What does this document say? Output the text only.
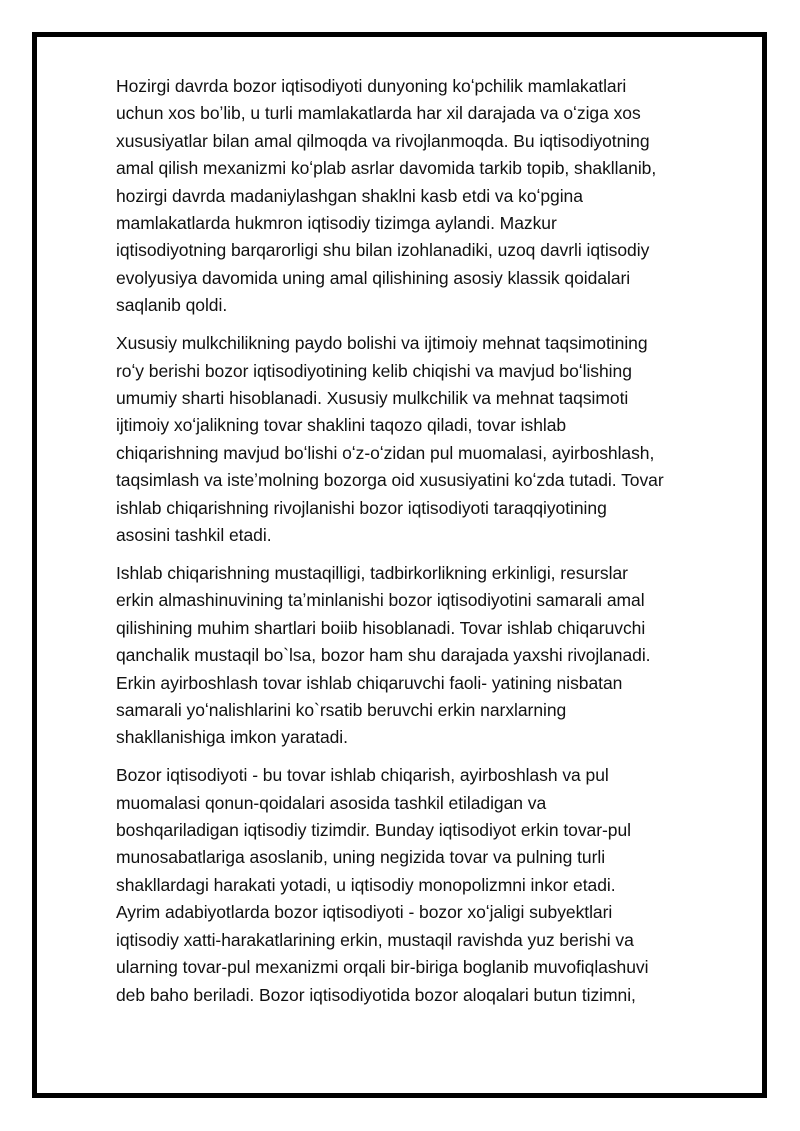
Hozirgi davrda bozor iqtisodiyoti dunyoning koʻpchilik mamlakatlari
uchun xos boʼlib, u turli mamlakatlarda har xil darajada va oʻziga xos
xususiyatlar bilan amal qilmoqda va rivojlanmoqda. Bu iqtisodiyotning
amal qilish mexanizmi koʻplab asrlar davomida tarkib topib, shakllanib,
hozirgi davrda madaniylashgan shaklni kasb etdi va koʻpgina
mamlakatlarda hukmron iqtisodiy tizimga aylandi. Mazkur
iqtisodiyotning barqarorligi shu bilan izohlanadiki, uzoq davrli iqtisodiy
evolyusiya davomida uning amal qilishining asosiy klassik qoidalari
saqlanib qoldi.

Xususiy mulkchilikning paydo bolishi va ijtimoiy mehnat taqsimotining
roʻy berishi bozor iqtisodiyotining kelib chiqishi va mavjud boʻlishing
umumiy sharti hisoblanadi. Xususiy mulkchilik va mehnat taqsimoti
ijtimoiy xoʻjalikning tovar shaklini taqozo qiladi, tovar ishlab
chiqarishning mavjud boʻlishi oʻz-oʻzidan pul muomalasi, ayirboshlash,
taqsimlash va isteʼmolning bozorga oid xususiyatini koʻzda tutadi. Tovar
ishlab chiqarishning rivojlanishi bozor iqtisodiyoti taraqqiyotining
asosini tashkil etadi.

Ishlab chiqarishning mustaqilligi, tadbirkorlikning erkinligi, resurslar
erkin almashinuvining taʼminlanishi bozor iqtisodiyotini samarali amal
qilishining muhim shartlari boiib hisoblanadi. Tovar ishlab chiqaruvchi
qanchalik mustaqil bo`lsa, bozor ham shu darajada yaxshi rivojlanadi.
Erkin ayirboshlash tovar ishlab chiqaruvchi faoli- yatining nisbatan
samarali yoʻnalishlarini ko`rsatib beruvchi erkin narxlarning
shakllanishiga imkon yaratadi.

Bozor iqtisodiyoti - bu tovar ishlab chiqarish, ayirboshlash va pul
muomalasi qonun-qoidalari asosida tashkil etiladigan va
boshqariladigan iqtisodiy tizimdir. Bunday iqtisodiyot erkin tovar-pul
munosabatlariga asoslanib, uning negizida tovar va pulning turli
shakllardagi harakati yotadi, u iqtisodiy monopolizmni inkor etadi.
Ayrim adabiyotlarda bozor iqtisodiyoti - bozor xoʻjaligi subyektlari
iqtisodiy xatti-harakatlarining erkin, mustaqil ravishda yuz berishi va
ularning tovar-pul mexanizmi orqali bir-biriga boglanib muvofiqlashuvi
deb baho beriladi. Bozor iqtisodiyotida bozor aloqalari butun tizimni,
